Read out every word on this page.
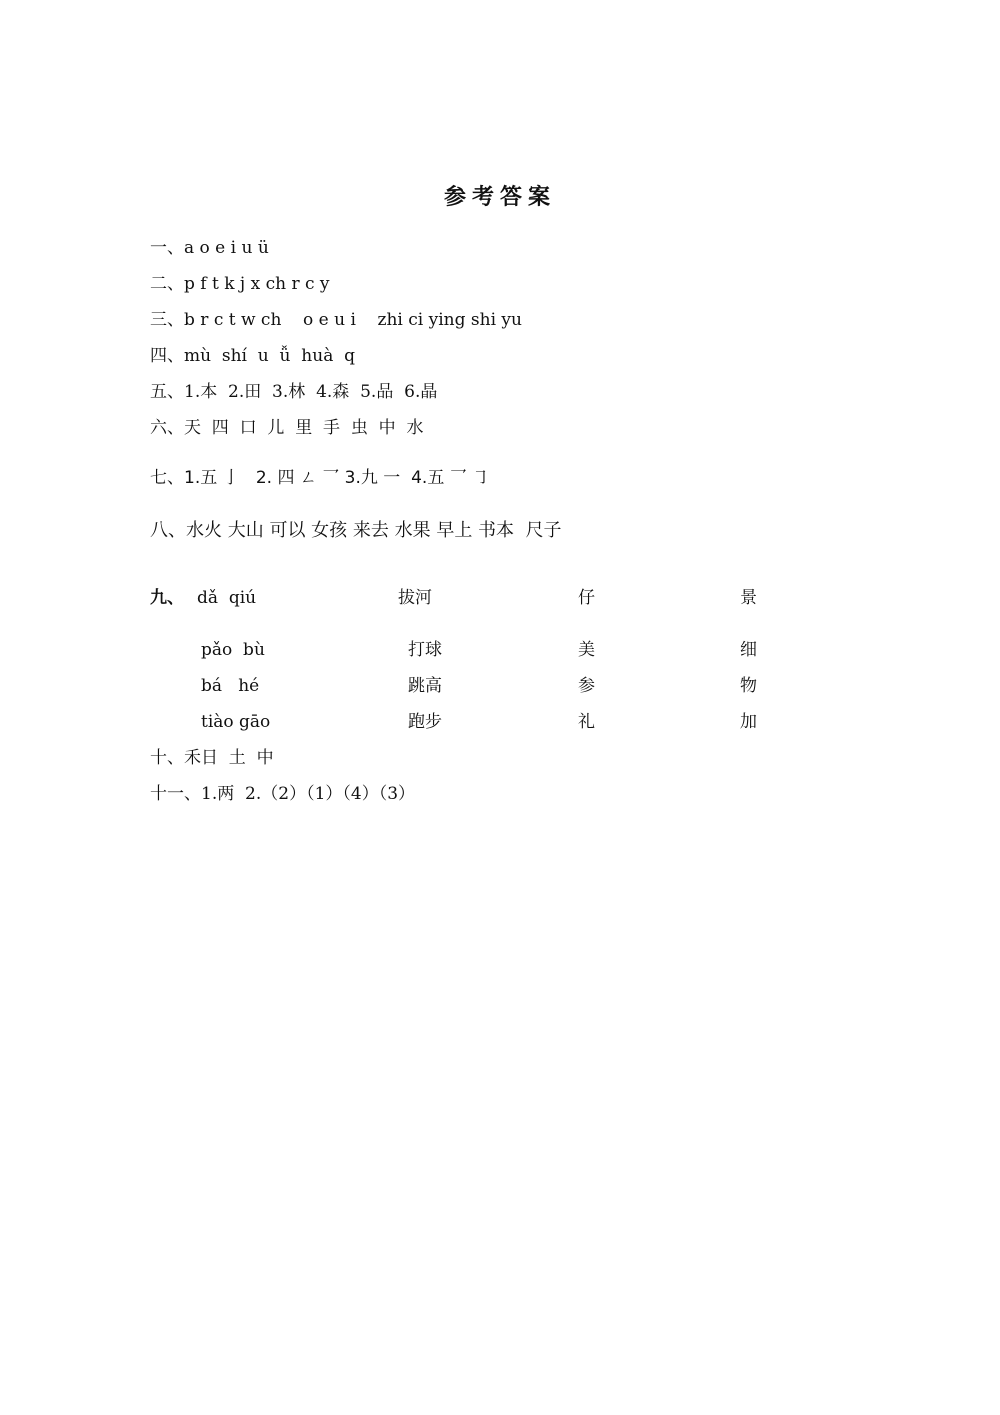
参考答案
一、a o e i u ü
二、p f t k j x ch r c y
三、b r c t w ch    o e u i    zhi ci ying shi yu
四、mù  shí  u  ǚ  huà  q
五、1.本  2.田  3.林  4.森  5.品  6.晶
六、天  四  口  儿  里  手  虫  中  水
七、1.五 亅   2. 四 ㄥ 乛 3.九 一  4.五 乛 ㇆
八、水火 大山 可以 女孩 来去 水果 早上 书本  尺子
九、 dǎ  qiú	拔河	仔	景
pǎo  bù	打球	美	细
bá   hé	跳高	参	物
tiào gāo	跑步	礼	加
十、禾日  土  中
十一、1.两  2.（2）（1）（4）（3）
